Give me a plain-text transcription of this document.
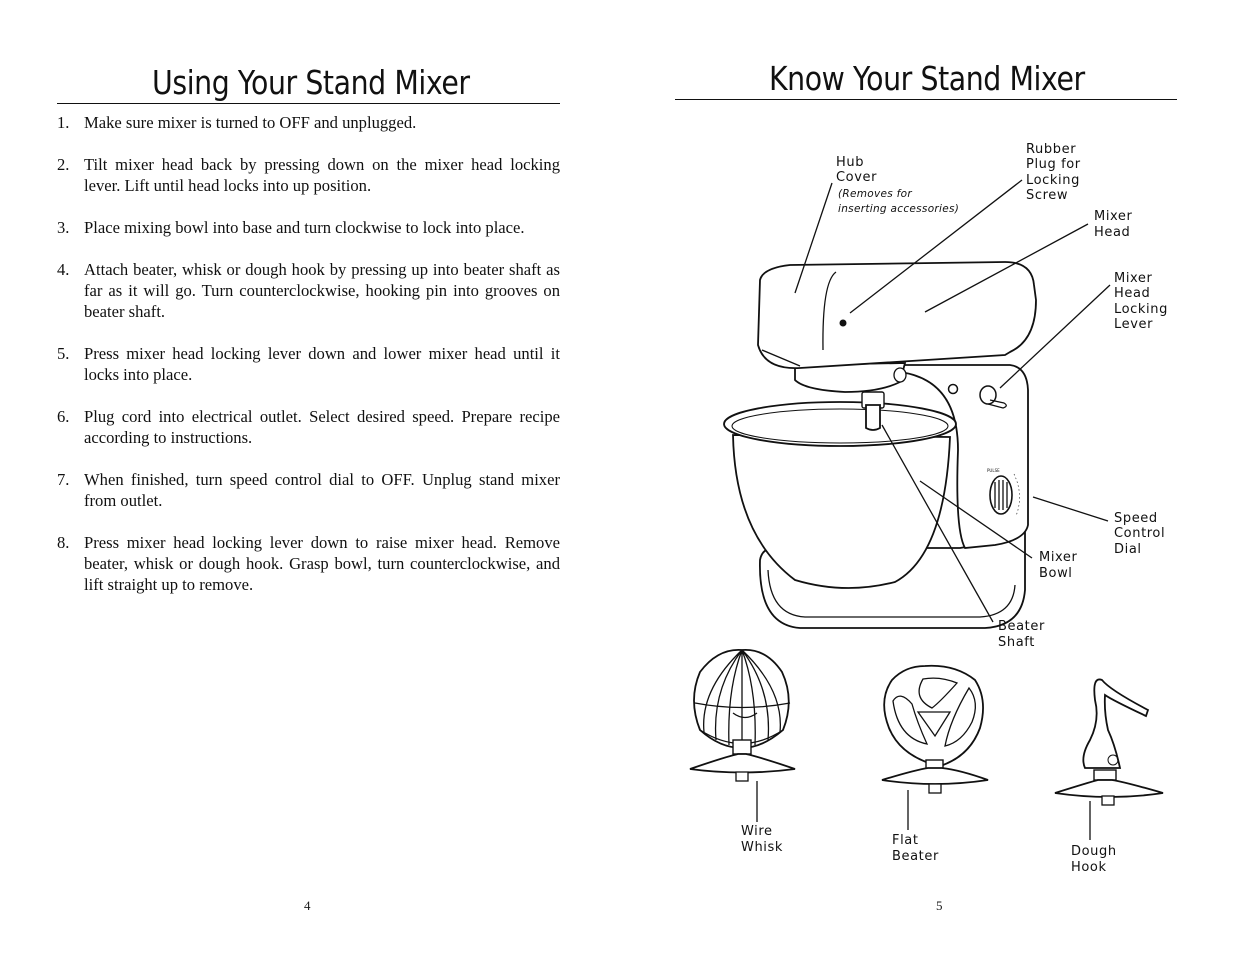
Using Your Stand Mixer
1. Make sure mixer is turned to OFF and unplugged.
2. Tilt mixer head back by pressing down on the mixer head locking lever. Lift until head locks into up position.
3. Place mixing bowl into base and turn clockwise to lock into place.
4. Attach beater, whisk or dough hook by pressing up into beater shaft as far as it will go. Turn counterclockwise, hooking pin into grooves on beater shaft.
5. Press mixer head locking lever down and lower mixer head until it locks into place.
6. Plug cord into electrical outlet. Select desired speed. Prepare recipe according to instructions.
7. When finished, turn speed control dial to OFF. Unplug stand mixer from outlet.
8. Press mixer head locking lever down to raise mixer head. Remove beater, whisk or dough hook. Grasp bowl, turn counterclockwise, and lift straight up to remove.
4
Know Your Stand Mixer
5
PULSE
Hub
Cover
(Removes for
inserting accessories)
Rubber
Plug for
Locking
Screw
Mixer
Head
Mixer
Head
Locking
Lever
Speed
Control
Dial
Mixer
Bowl
Beater
Shaft
Wire
Whisk	Flat
Beater	Dough
Hook
